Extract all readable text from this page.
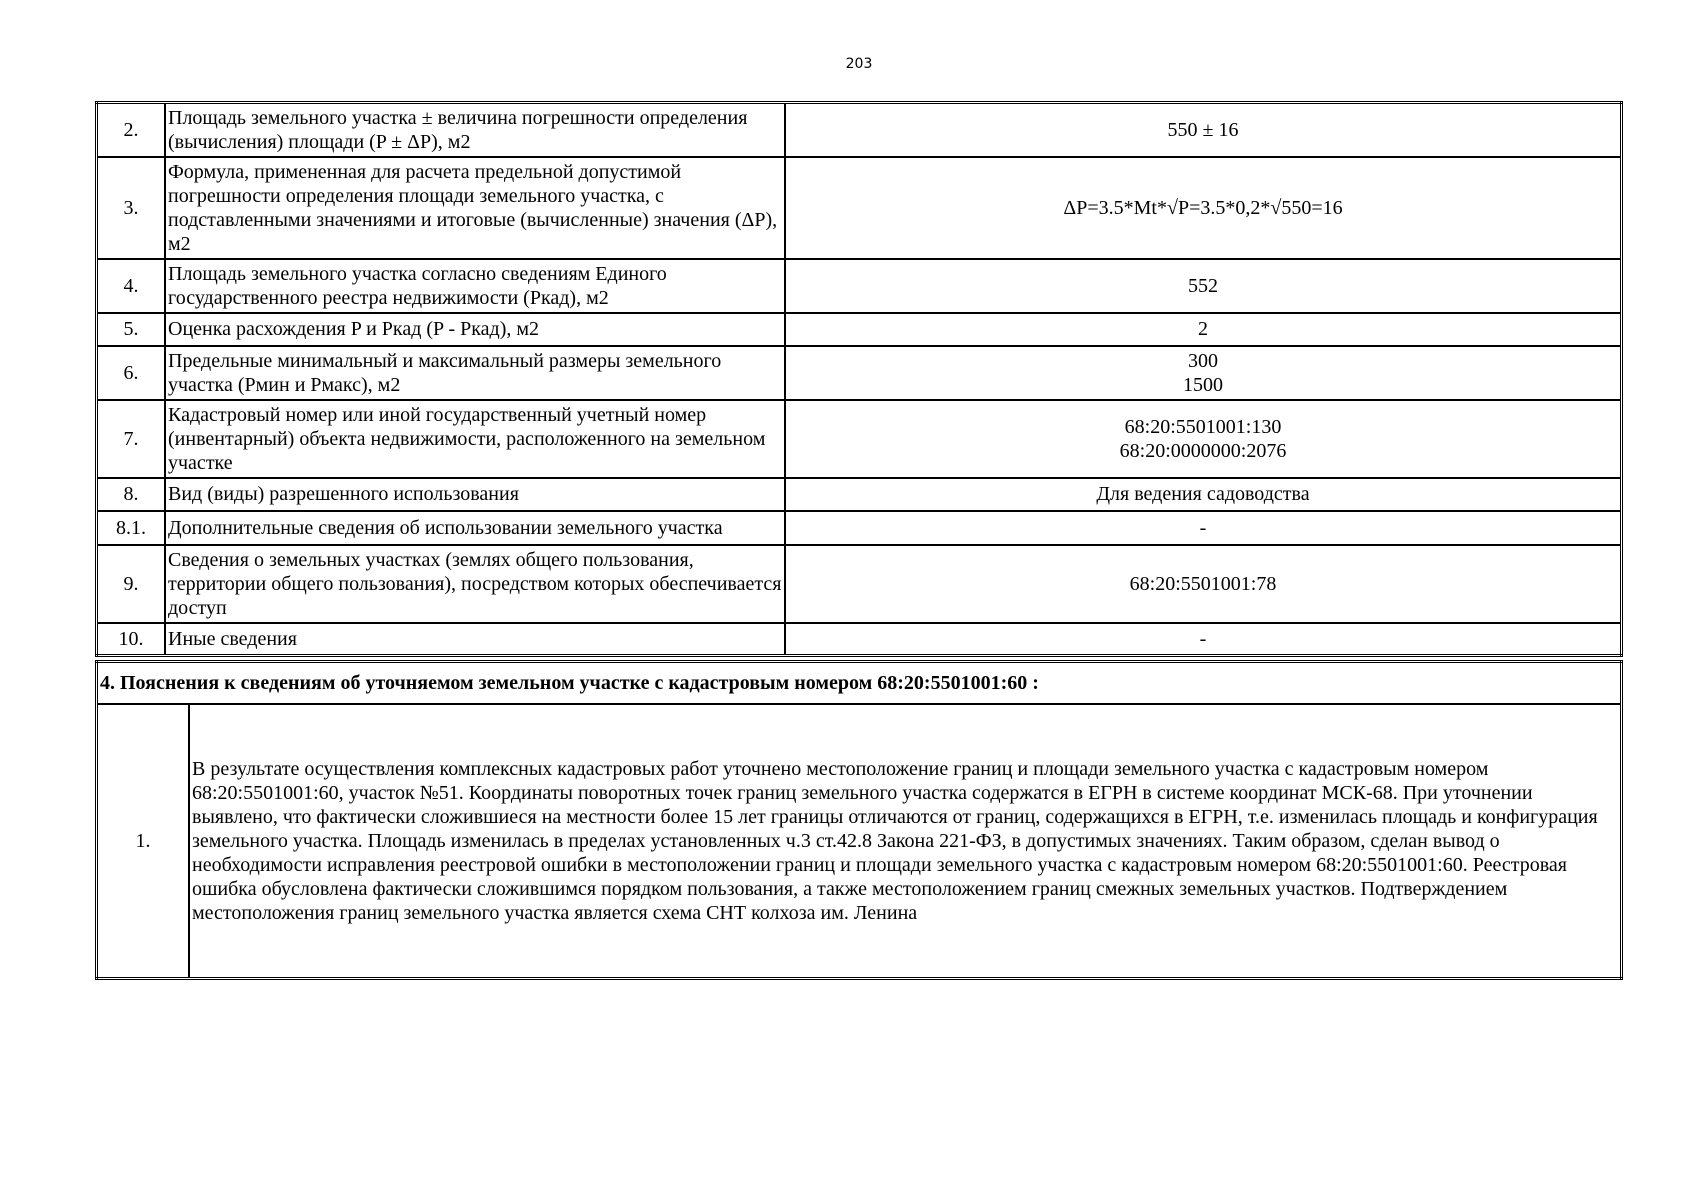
203
2.	Площадь земельного участка ± величина погрешности определения (вычисления) площади (P ± ΔP), м2	550 ± 16
3.	Формула, примененная для расчета предельной допустимой погрешности определения площади земельного участка, с подставленными значениями и итоговые (вычисленные) значения (ΔP), м2	ΔP=3.5*Mt*√P=3.5*0,2*√550=16
4.	Площадь земельного участка согласно сведениям Единого государственного реестра недвижимости (Ркад), м2	552
5.	Оценка расхождения P и Ркад (P - Ркад), м2	2
6.	Предельные минимальный и максимальный размеры земельного участка (Pмин и Pмакс), м2	300
1500
7.	Кадастровый номер или иной государственный учетный номер (инвентарный) объекта недвижимости, расположенного на земельном участке	68:20:5501001:130
68:20:0000000:2076
8.	Вид (виды) разрешенного использования	Для ведения садоводства
8.1.	Дополнительные сведения об использовании земельного участка	-
9.	Сведения о земельных участках (землях общего пользования, территории общего пользования), посредством которых обеспечивается доступ	68:20:5501001:78
10.	Иные сведения	-
4. Пояснения к сведениям об уточняемом земельном участке с кадастровым номером 68:20:5501001:60 :
1.	В результате осуществления комплексных кадастровых работ уточнено местоположение границ и площади земельного участка с кадастровым номером 68:20:5501001:60, участок №51. Координаты поворотных точек границ земельного участка содержатся в ЕГРН в системе координат МСК-68. При уточнении выявлено, что фактически сложившиеся на местности более 15 лет границы отличаются от границ, содержащихся в ЕГРН, т.е. изменилась площадь и конфигурация земельного участка. Площадь изменилась в пределах установленных ч.3 ст.42.8 Закона 221-ФЗ, в допустимых значениях. Таким образом, сделан вывод о необходимости исправления реестровой ошибки в местоположении границ и площади земельного участка с кадастровым номером 68:20:5501001:60. Реестровая ошибка обусловлена фактически сложившимся порядком пользования, а также местоположением границ смежных земельных участков. Подтверждением местоположения границ земельного участка является схема СНТ колхоза им. Ленина
